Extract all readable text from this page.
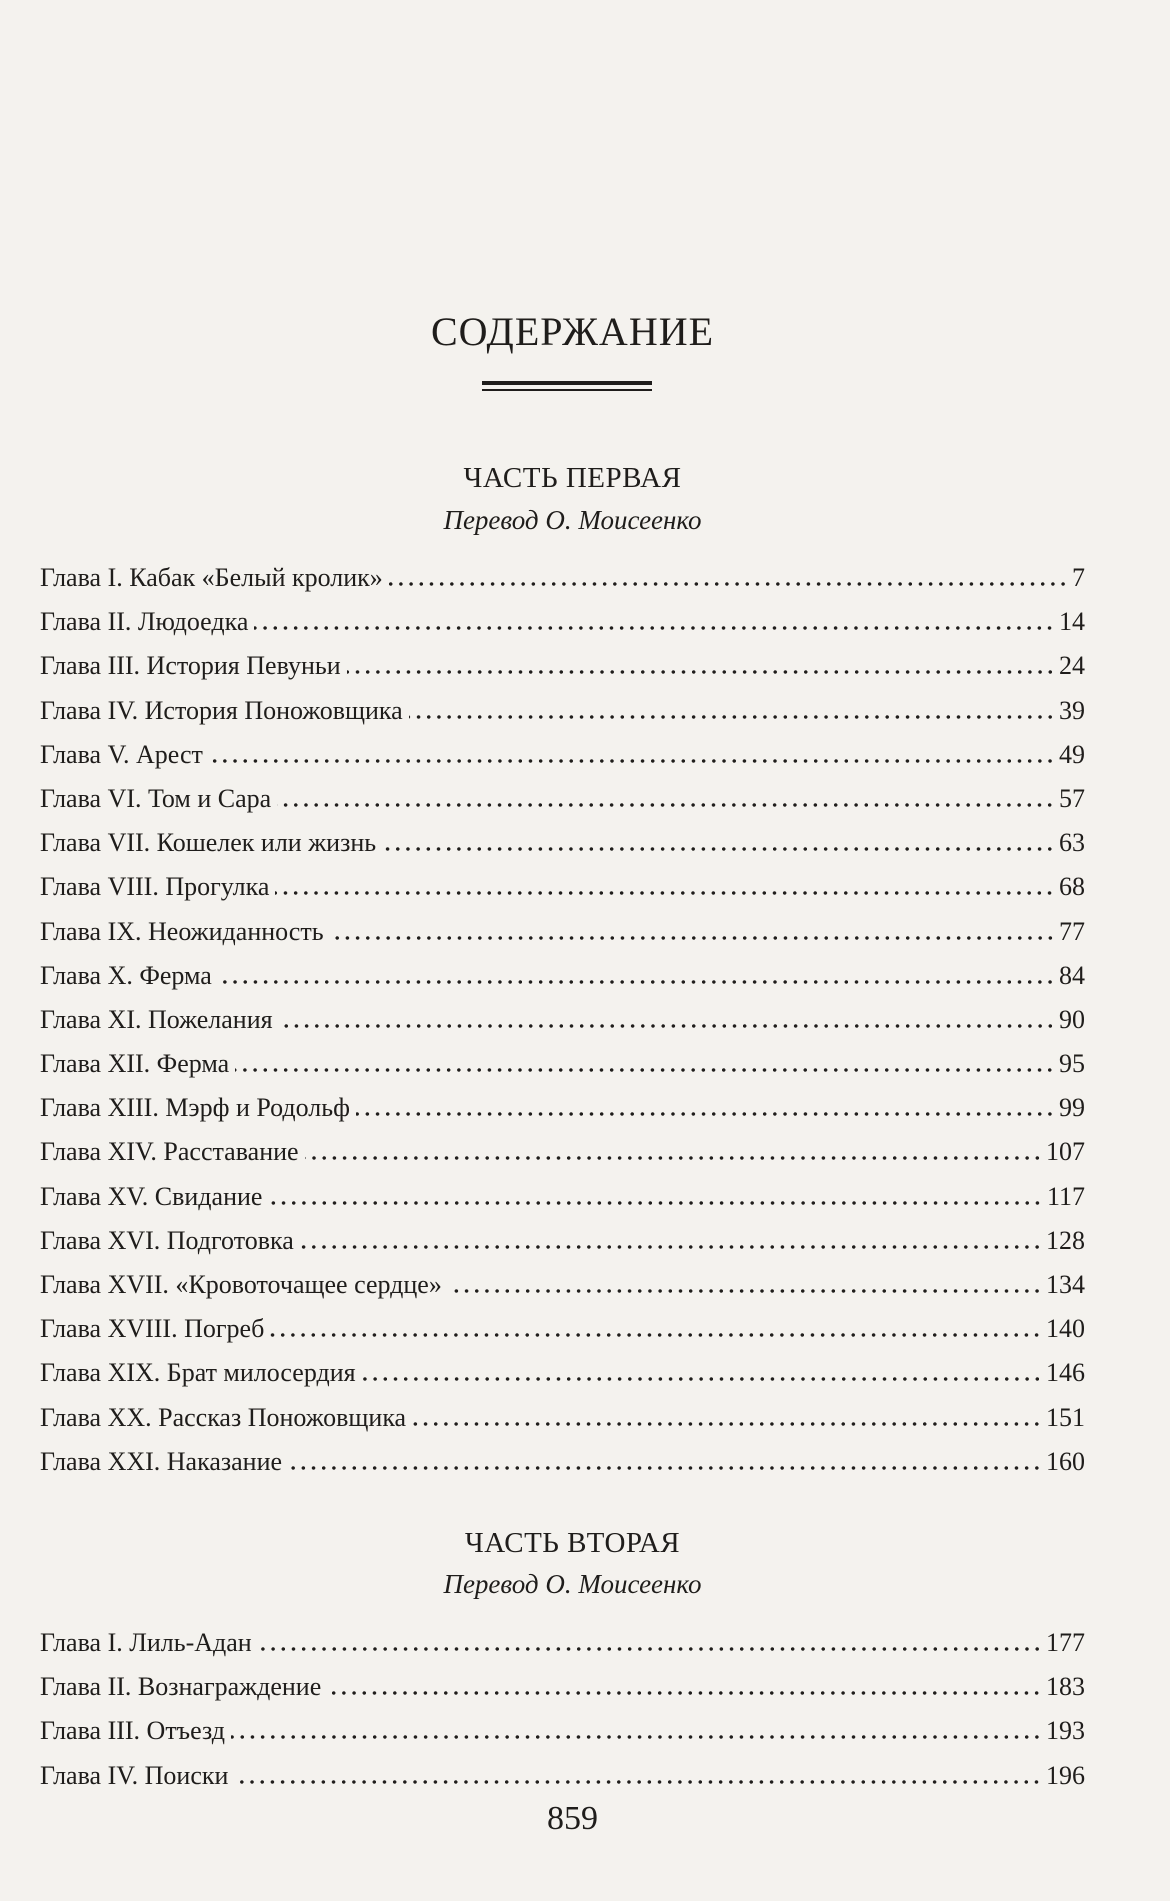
СОДЕРЖАНИЕ
ЧАСТЬ ПЕРВАЯ
Перевод О. Моисеенко
Глава I. Кабак «Белый кролик»	7
Глава II. Людоедка	14
Глава III. История Певуньи	24
Глава IV. История Поножовщика	39
Глава V. Арест	49
Глава VI. Том и Сара	57
Глава VII. Кошелек или жизнь	63
Глава VIII. Прогулка	68
Глава IX. Неожиданность	77
Глава X. Ферма	84
Глава XI. Пожелания	90
Глава XII. Ферма	95
Глава XIII. Мэрф и Родольф	99
Глава XIV. Расставание	107
Глава XV. Свидание	117
Глава XVI. Подготовка	128
Глава XVII. «Кровоточащее сердце»	134
Глава XVIII. Погреб	140
Глава XIX. Брат милосердия	146
Глава XX. Рассказ Поножовщика	151
Глава XXI. Наказание	160
ЧАСТЬ ВТОРАЯ
Перевод О. Моисеенко
Глава I. Лиль-Адан	177
Глава II. Вознаграждение	183
Глава III. Отъезд	193
Глава IV. Поиски	196
859
